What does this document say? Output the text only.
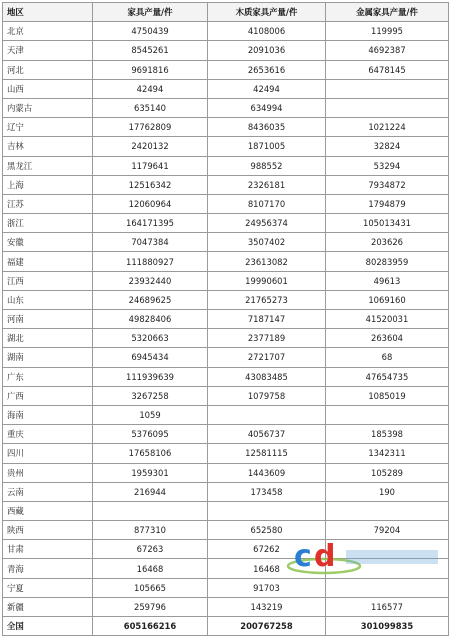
地区	家具产量/件	木质家具产量/件	金属家具产量/件
北京	4750439	4108006	119995
天津	8545261	2091036	4692387
河北	9691816	2653616	6478145
山西	42494	42494	
内蒙古	635140	634994	
辽宁	17762809	8436035	1021224
吉林	2420132	1871005	32824
黑龙江	1179641	988552	53294
上海	12516342	2326181	7934872
江苏	12060964	8107170	1794879
浙江	164171395	24956374	105013431
安徽	7047384	3507402	203626
福建	111880927	23613082	80283959
江西	23932440	19990601	49613
山东	24689625	21765273	1069160
河南	49828406	7187147	41520031
湖北	5320663	2377189	263604
湖南	6945434	2721707	68
广东	111939639	43083485	47654735
广西	3267258	1079758	1085019
海南	1059		
重庆	5376095	4056737	185398
四川	17658106	12581115	1342311
贵州	1959301	1443609	105289
云南	216944	173458	190
西藏			
陕西	877310	652580	79204
甘肃	67263	67262	
青海	16468	16468	
宁夏	105665	91703	
新疆	259796	143219	116577
全国	605166216	200767258	301099835
c d
